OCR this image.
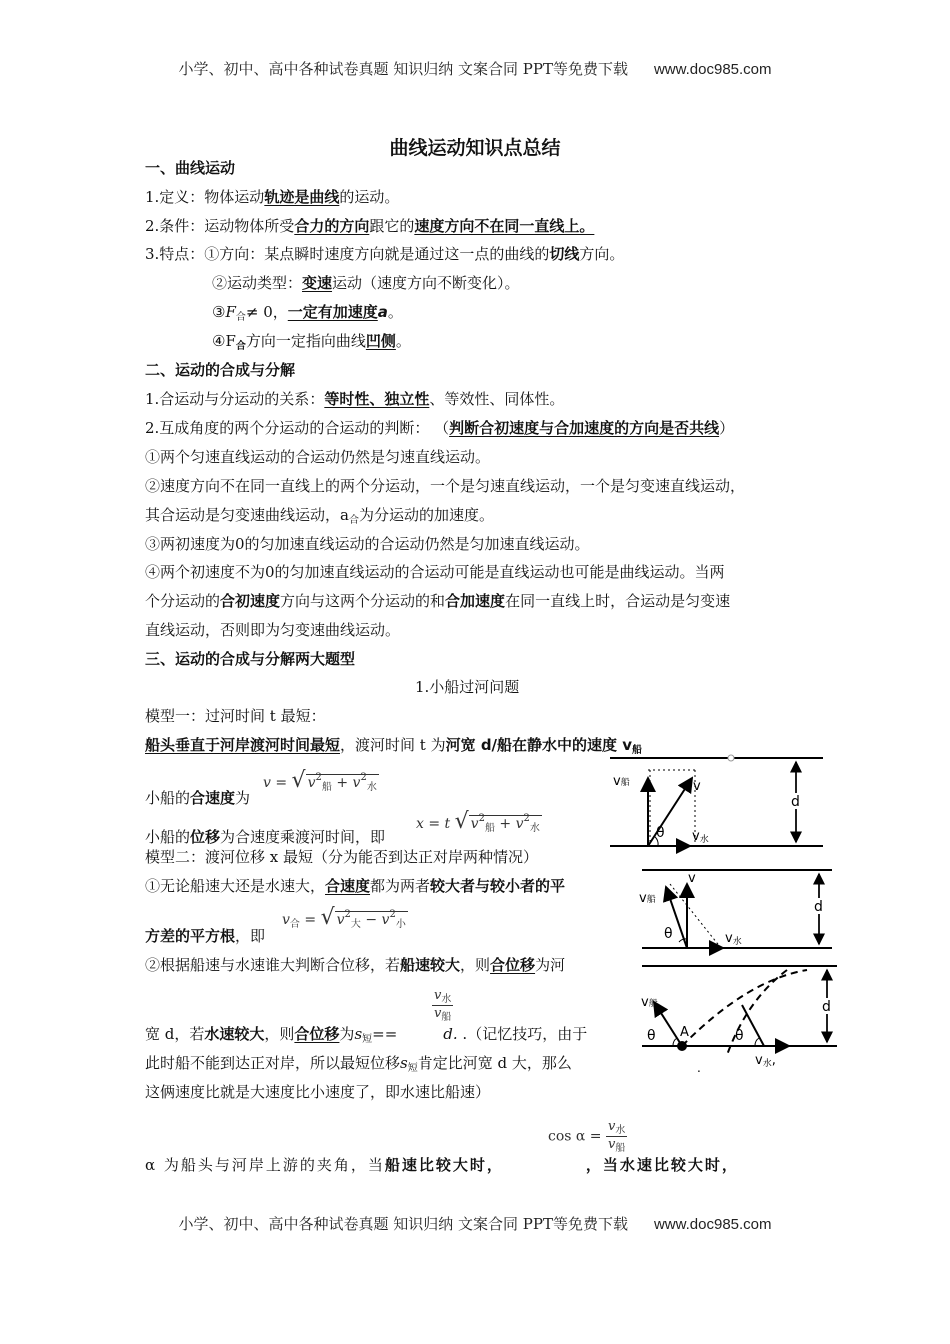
小学、初中、高中各种试卷真题 知识归纳 文案合同 PPT等免费下载 www.doc985.com
小学、初中、高中各种试卷真题 知识归纳 文案合同 PPT等免费下载 www.doc985.com
曲线运动知识点总结
一、曲线运动
1.定义：物体运动轨迹是曲线的运动。
2.条件：运动物体所受合力的方向跟它的速度方向不在同一直线上。
3.特点：①方向：某点瞬时速度方向就是通过这一点的曲线的切线方向。
②运动类型：变速运动（速度方向不断变化）。
$③F_合\ne 0$，一定有加速度a。
$④F_合$方向一定指向曲线凹侧。
二、运动的合成与分解
1.合运动与分运动的关系：等时性、独立性、等效性、同体性。
2.互成角度的两个分运动的合运动的判断： （判断合初速度与合加速度的方向是否共线）
①两个匀速直线运动的合运动仍然是匀速直线运动。
②速度方向不在同一直线上的两个分运动，一个是匀速直线运动，一个是匀变速直线运动，
其合运动是匀变速曲线运动，$a_合$为分运动的加速度。
③两初速度为0的匀加速直线运动的合运动仍然是匀加速直线运动。
④两个初速度不为0的匀加速直线运动的合运动可能是直线运动也可能是曲线运动。当两
个分运动的合初速度方向与这两个分运动的和合加速度在同一直线上时，合运动是匀变速
直线运动，否则即为匀变速曲线运动。
三、运动的合成与分解两大题型
1.小船过河问题
模型一：过河时间 t 最短：
船头垂直于河岸渡河时间最短，渡河时间 t 为河宽 d/船在静水中的速度 $v_船$
小船的合速度为
v = √ $v^2_船 + v^2_水$
小船的位移为合速度乘渡河时间，即
x = t √ $v^2_船 + v^2_水$
模型二：渡河位移 x 最短（分为能否到达正对岸两种情况）
①无论船速大还是水速大，合速度都为两者较大者与较小者的平
方差的平方根，即
$v_合$ = √ $v^2_大 - v^2_小$
②根据船速与水速谁大判断合位移，若船速较大，则合位移为河
$\frac{v_水}{v_船}$
宽 d，若水速较大，则合位移为$s_短==$	d. .（记忆技巧，由于
此时船不能到达正对岸，所以最短位移$s_短$肯定比河宽 d 大，那么
这俩速度比就是大速度比小速度了，即水速比船速）
$\cos \alpha = \frac{v_水}{v_船}$
α 为船头与河岸上游的夹角，当船速比较大时，	，当水速比较大时，
v船	v
θ v水
d
v船
v
θ	v水
d
v船
A
θ	θ
v水,
.
d
